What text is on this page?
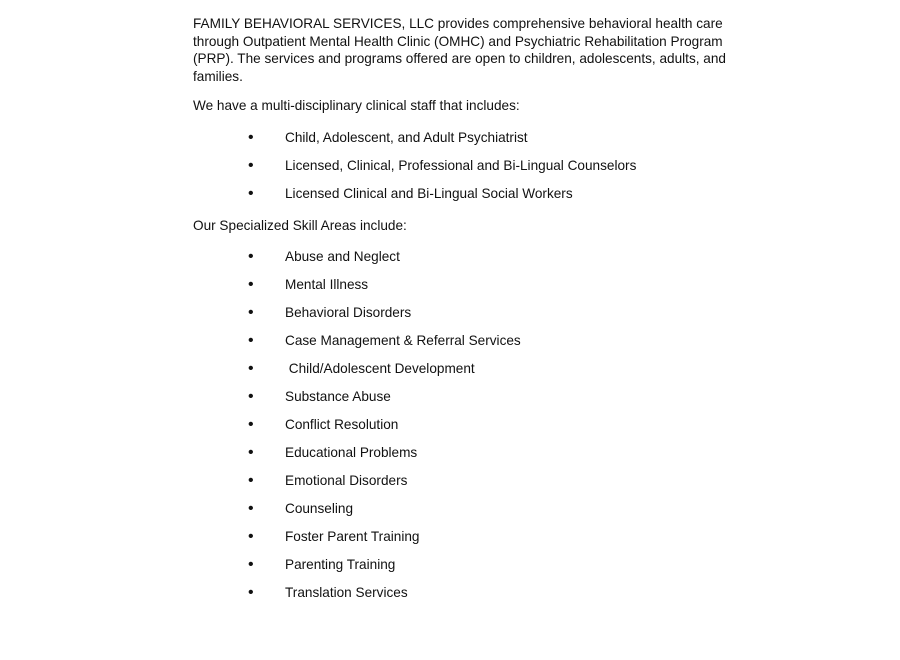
FAMILY BEHAVIORAL SERVICES, LLC provides comprehensive behavioral health care through Outpatient Mental Health Clinic (OMHC) and Psychiatric Rehabilitation Program (PRP). The services and programs offered are open to children, adolescents, adults, and families.

We have a multi-disciplinary clinical staff that includes:

• Child, Adolescent, and Adult Psychiatrist
• Licensed, Clinical, Professional and Bi-Lingual Counselors
• Licensed Clinical and Bi-Lingual Social Workers

Our Specialized Skill Areas include:

• Abuse and Neglect
• Mental Illness
• Behavioral Disorders
• Case Management & Referral Services
• Child/Adolescent Development
• Substance Abuse
• Conflict Resolution
• Educational Problems
• Emotional Disorders
• Counseling
• Foster Parent Training
• Parenting Training
• Translation Services
